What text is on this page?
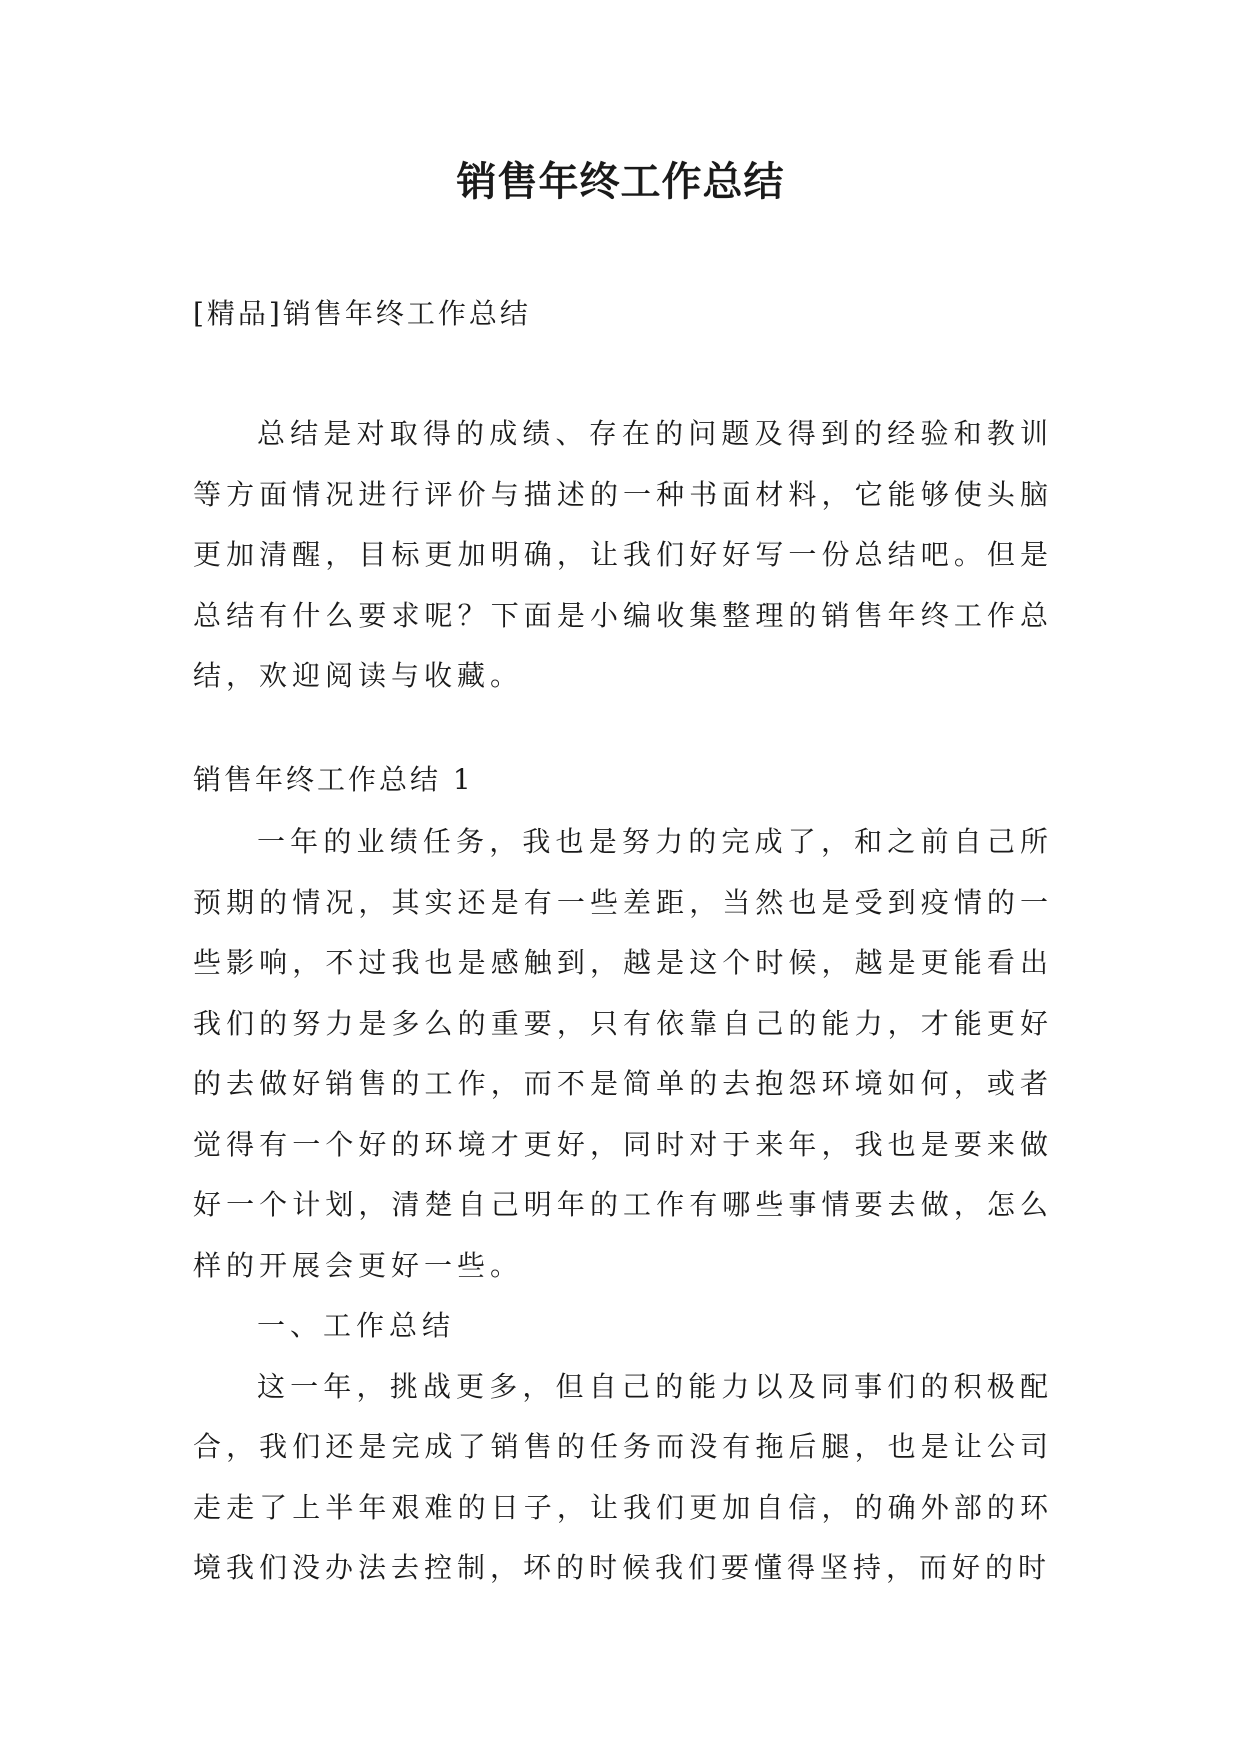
销售年终工作总结

[精品]销售年终工作总结

总结是对取得的成绩、存在的问题及得到的经验和教训等方面情况进行评价与描述的一种书面材料，它能够使头脑更加清醒，目标更加明确，让我们好好写一份总结吧。但是总结有什么要求呢？下面是小编收集整理的销售年终工作总结，欢迎阅读与收藏。

销售年终工作总结 1

一年的业绩任务，我也是努力的完成了，和之前自己所预期的情况，其实还是有一些差距，当然也是受到疫情的一些影响，不过我也是感触到，越是这个时候，越是更能看出我们的努力是多么的重要，只有依靠自己的能力，才能更好的去做好销售的工作，而不是简单的去抱怨环境如何，或者觉得有一个好的环境才更好，同时对于来年，我也是要来做好一个计划，清楚自己明年的工作有哪些事情要去做，怎么样的开展会更好一些。

一、工作总结

这一年，挑战更多，但自己的能力以及同事们的积极配合，我们还是完成了销售的任务而没有拖后腿，也是让公司走走了上半年艰难的日子，让我们更加自信，的确外部的环境我们没办法去控制，坏的时候我们要懂得坚持，而好的时
